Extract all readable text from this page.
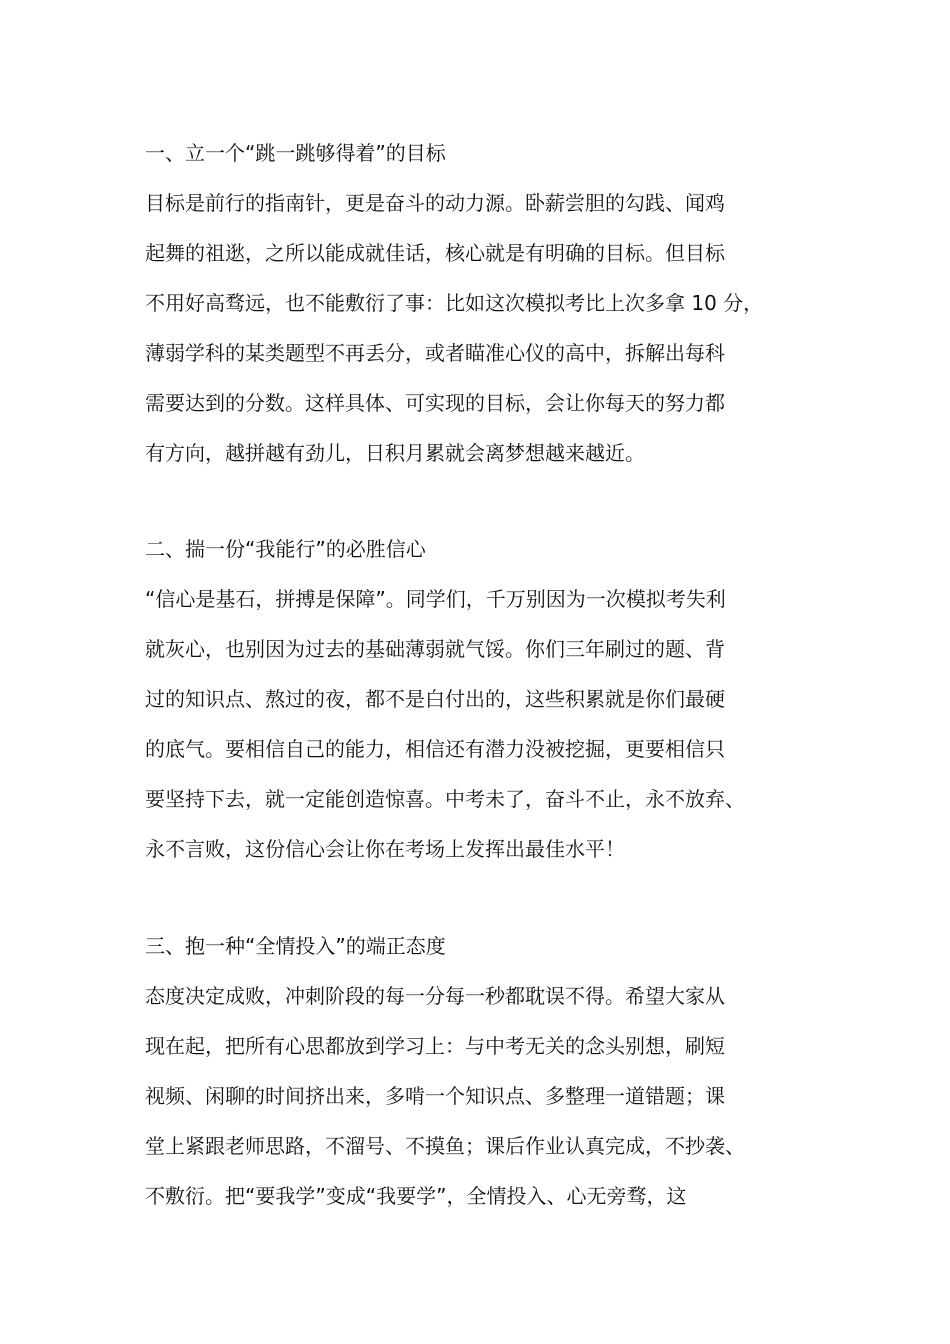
一、立一个“跳一跳够得着”的目标

目标是前行的指南针，更是奋斗的动力源。卧薪尝胆的勾践、闻鸡

起舞的祖逖，之所以能成就佳话，核心就是有明确的目标。但目标

不用好高骛远，也不能敷衍了事：比如这次模拟考比上次多拿 10 分，

薄弱学科的某类题型不再丢分，或者瞄准心仪的高中，拆解出每科

需要达到的分数。这样具体、可实现的目标，会让你每天的努力都

有方向，越拼越有劲儿，日积月累就会离梦想越来越近。

二、揣一份“我能行”的必胜信心

“信心是基石，拼搏是保障”。同学们，千万别因为一次模拟考失利

就灰心，也别因为过去的基础薄弱就气馁。你们三年刷过的题、背

过的知识点、熬过的夜，都不是白付出的，这些积累就是你们最硬

的底气。要相信自己的能力，相信还有潜力没被挖掘，更要相信只

要坚持下去，就一定能创造惊喜。中考未了，奋斗不止，永不放弃、

永不言败，这份信心会让你在考场上发挥出最佳水平！

三、抱一种“全情投入”的端正态度

态度决定成败，冲刺阶段的每一分每一秒都耽误不得。希望大家从

现在起，把所有心思都放到学习上：与中考无关的念头别想，刷短

视频、闲聊的时间挤出来，多啃一个知识点、多整理一道错题；课

堂上紧跟老师思路，不溜号、不摸鱼；课后作业认真完成，不抄袭、

不敷衍。把“要我学”变成“我要学”，全情投入、心无旁骛，这
